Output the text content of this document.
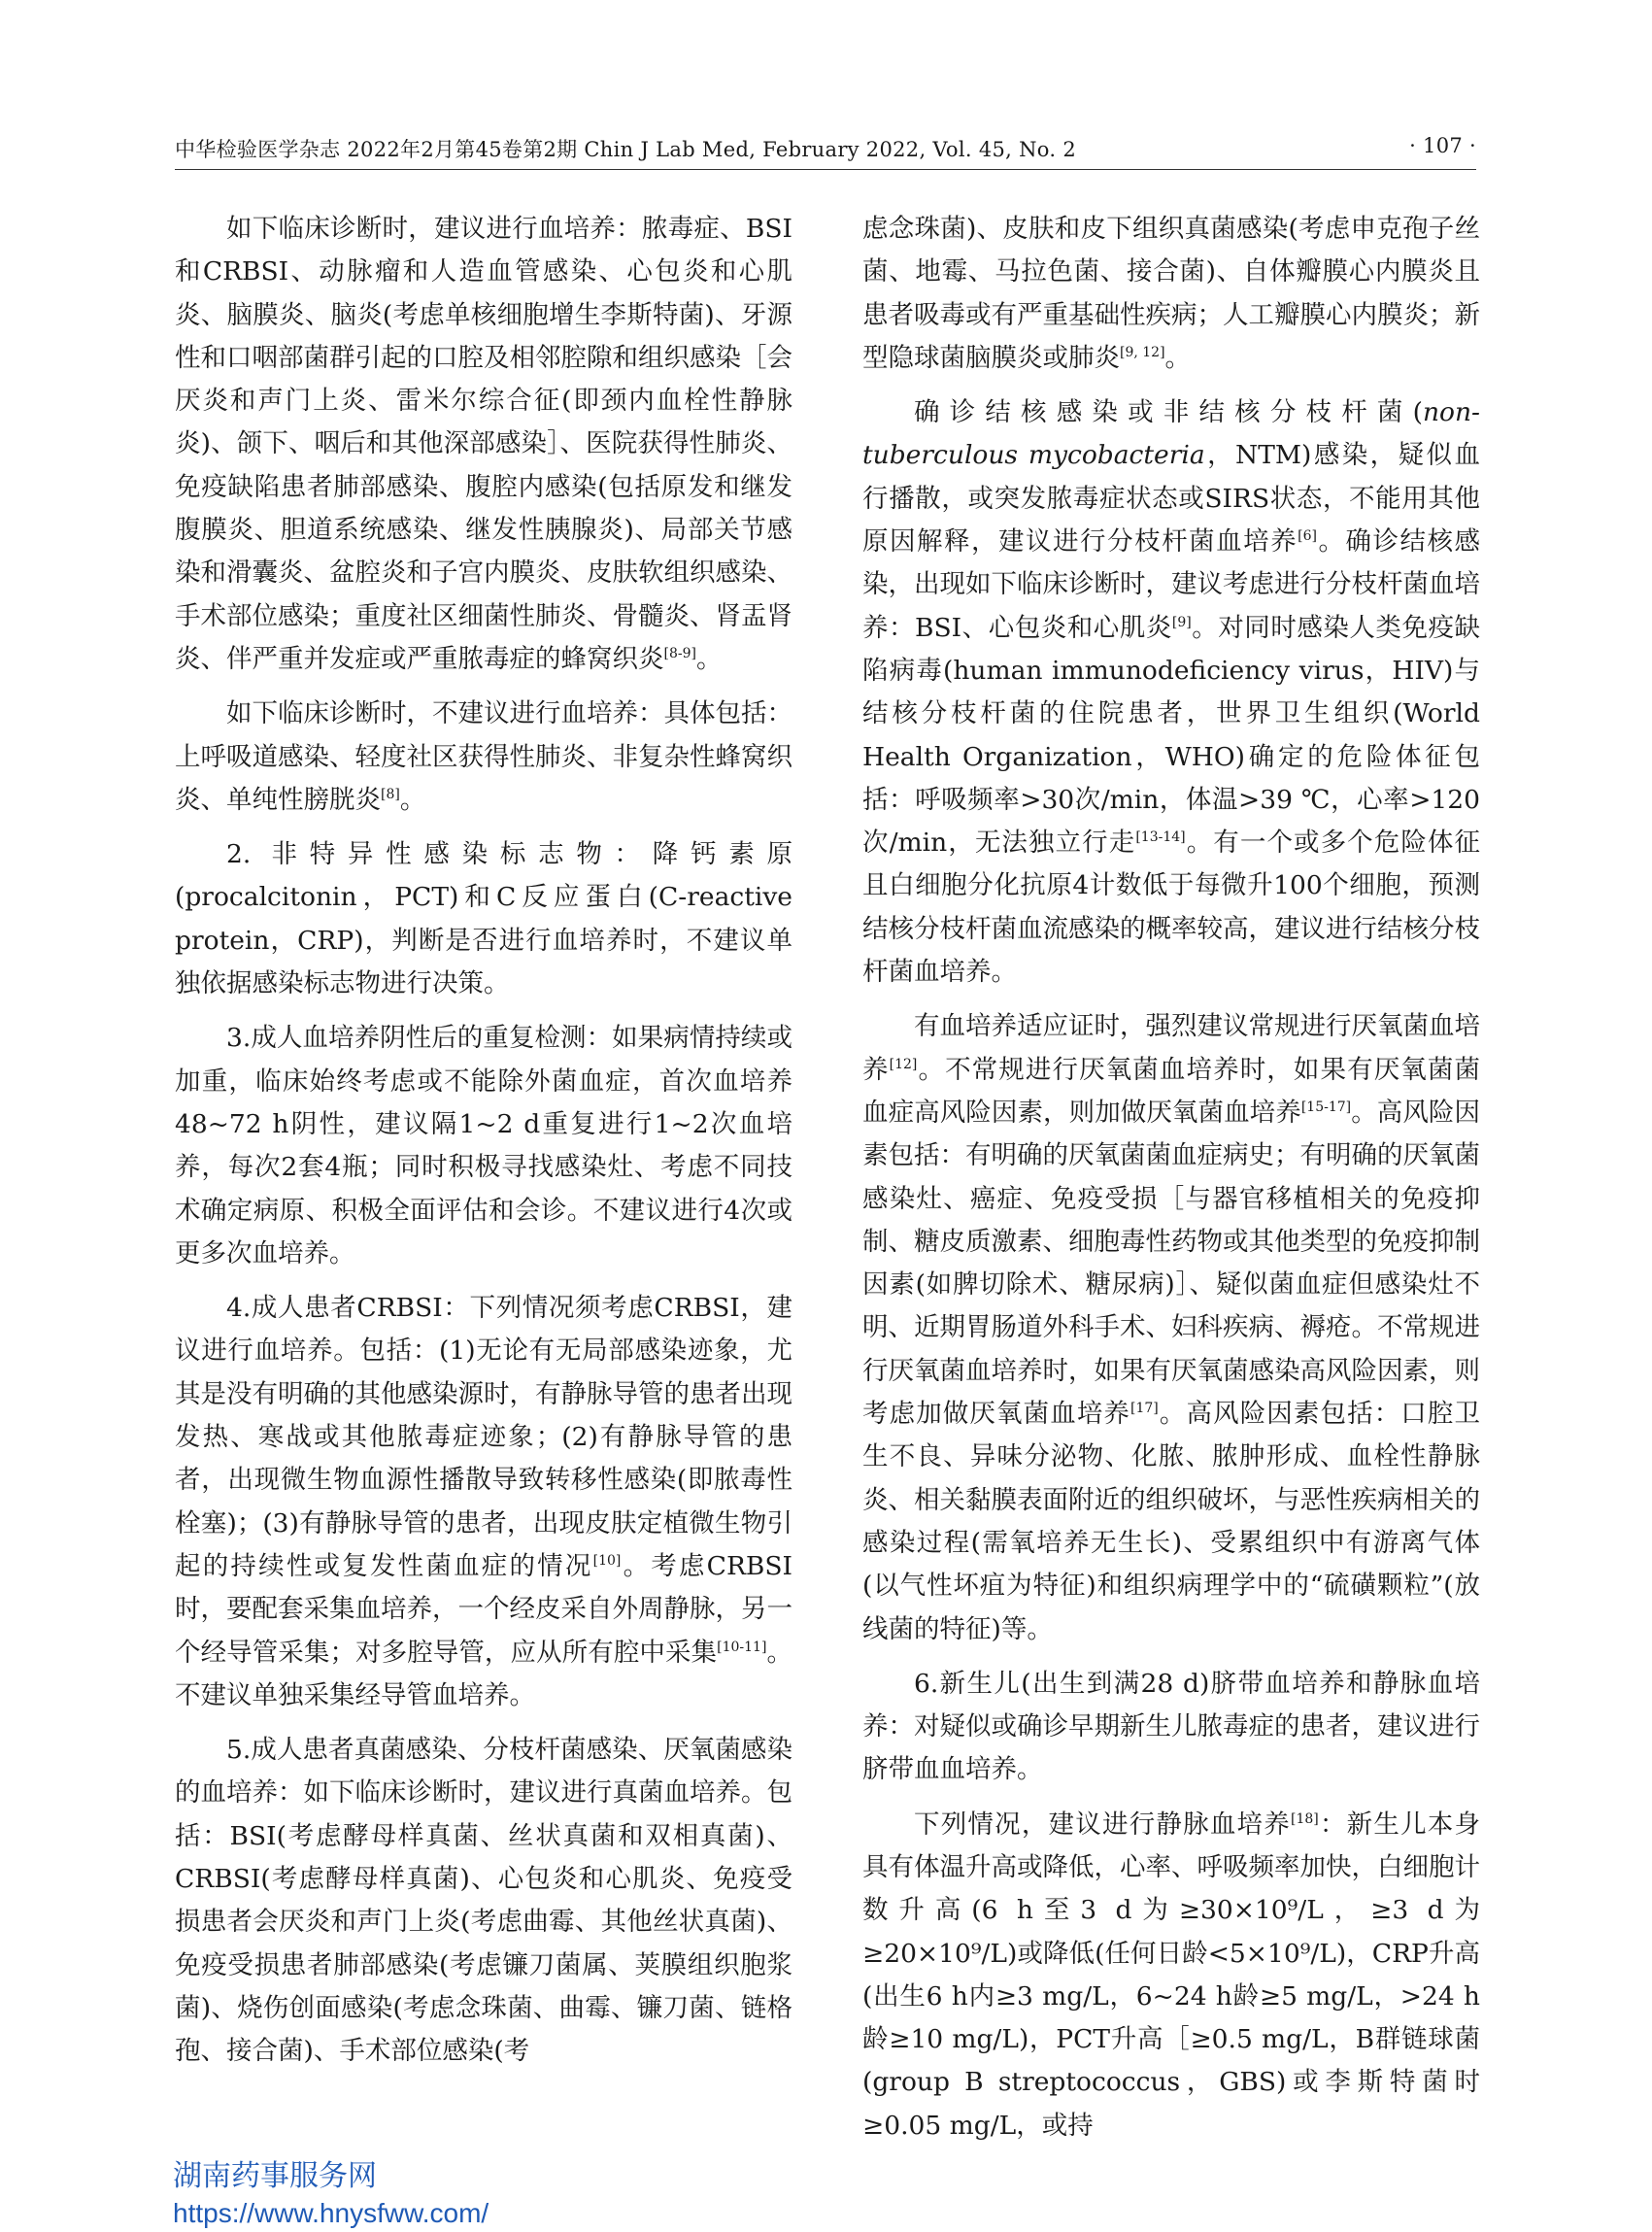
中华检验医学杂志 2022年2月第45卷第2期 Chin J Lab Med, February 2022, Vol. 45, No. 2	· 107 ·

如下临床诊断时，建议进行血培养：脓毒症、BSI和CRBSI、动脉瘤和人造血管感染、心包炎和心肌炎、脑膜炎、脑炎(考虑单核细胞增生李斯特菌)、牙源性和口咽部菌群引起的口腔及相邻腔隙和组织感染［会厌炎和声门上炎、雷米尔综合征(即颈内血栓性静脉炎)、颌下、咽后和其他深部感染］、医院获得性肺炎、免疫缺陷患者肺部感染、腹腔内感染(包括原发和继发腹膜炎、胆道系统感染、继发性胰腺炎)、局部关节感染和滑囊炎、盆腔炎和子宫内膜炎、皮肤软组织感染、手术部位感染；重度社区细菌性肺炎、骨髓炎、肾盂肾炎、伴严重并发症或严重脓毒症的蜂窝织炎[8-9]。

如下临床诊断时，不建议进行血培养：具体包括：上呼吸道感染、轻度社区获得性肺炎、非复杂性蜂窝织炎、单纯性膀胱炎[8]。

2. 非特异性感染标志物：降钙素原(procalcitonin，PCT)和C反应蛋白(C-reactive protein，CRP)，判断是否进行血培养时，不建议单独依据感染标志物进行决策。

3.成人血培养阴性后的重复检测：如果病情持续或加重，临床始终考虑或不能除外菌血症，首次血培养48~72 h阴性，建议隔1~2 d重复进行1~2次血培养，每次2套4瓶；同时积极寻找感染灶、考虑不同技术确定病原、积极全面评估和会诊。不建议进行4次或更多次血培养。

4.成人患者CRBSI：下列情况须考虑CRBSI，建议进行血培养。包括：(1)无论有无局部感染迹象，尤其是没有明确的其他感染源时，有静脉导管的患者出现发热、寒战或其他脓毒症迹象；(2)有静脉导管的患者，出现微生物血源性播散导致转移性感染(即脓毒性栓塞)；(3)有静脉导管的患者，出现皮肤定植微生物引起的持续性或复发性菌血症的情况[10]。考虑CRBSI时，要配套采集血培养，一个经皮采自外周静脉，另一个经导管采集；对多腔导管，应从所有腔中采集[10-11]。不建议单独采集经导管血培养。

5.成人患者真菌感染、分枝杆菌感染、厌氧菌感染的血培养：如下临床诊断时，建议进行真菌血培养。包括：BSI(考虑酵母样真菌、丝状真菌和双相真菌)、CRBSI(考虑酵母样真菌)、心包炎和心肌炎、免疫受损患者会厌炎和声门上炎(考虑曲霉、其他丝状真菌)、免疫受损患者肺部感染(考虑镰刀菌属、荚膜组织胞浆菌)、烧伤创面感染(考虑念珠菌、曲霉、镰刀菌、链格孢、接合菌)、手术部位感染(考

虑念珠菌)、皮肤和皮下组织真菌感染(考虑申克孢子丝菌、地霉、马拉色菌、接合菌)、自体瓣膜心内膜炎且患者吸毒或有严重基础性疾病；人工瓣膜心内膜炎；新型隐球菌脑膜炎或肺炎[9, 12]。

确诊结核感染或非结核分枝杆菌(non-tuberculous mycobacteria，NTM)感染，疑似血行播散，或突发脓毒症状态或SIRS状态，不能用其他原因解释，建议进行分枝杆菌血培养[6]。确诊结核感染，出现如下临床诊断时，建议考虑进行分枝杆菌血培养：BSI、心包炎和心肌炎[9]。对同时感染人类免疫缺陷病毒(human immunodeficiency virus，HIV)与结核分枝杆菌的住院患者，世界卫生组织(World Health Organization，WHO)确定的危险体征包括：呼吸频率>30次/min，体温>39 ℃，心率>120次/min，无法独立行走[13-14]。有一个或多个危险体征且白细胞分化抗原4计数低于每微升100个细胞，预测结核分枝杆菌血流感染的概率较高，建议进行结核分枝杆菌血培养。

有血培养适应证时，强烈建议常规进行厌氧菌血培养[12]。不常规进行厌氧菌血培养时，如果有厌氧菌菌血症高风险因素，则加做厌氧菌血培养[15-17]。高风险因素包括：有明确的厌氧菌菌血症病史；有明确的厌氧菌感染灶、癌症、免疫受损［与器官移植相关的免疫抑制、糖皮质激素、细胞毒性药物或其他类型的免疫抑制因素(如脾切除术、糖尿病)］、疑似菌血症但感染灶不明、近期胃肠道外科手术、妇科疾病、褥疮。不常规进行厌氧菌血培养时，如果有厌氧菌感染高风险因素，则考虑加做厌氧菌血培养[17]。高风险因素包括：口腔卫生不良、异味分泌物、化脓、脓肿形成、血栓性静脉炎、相关黏膜表面附近的组织破坏，与恶性疾病相关的感染过程(需氧培养无生长)、受累组织中有游离气体(以气性坏疽为特征)和组织病理学中的“硫磺颗粒”(放线菌的特征)等。

6.新生儿(出生到满28 d)脐带血培养和静脉血培养：对疑似或确诊早期新生儿脓毒症的患者，建议进行脐带血血培养。

下列情况，建议进行静脉血培养[18]：新生儿本身具有体温升高或降低，心率、呼吸频率加快，白细胞计数升高(6 h至3 d为≥30×10⁹/L，≥3 d为≥20×10⁹/L)或降低(任何日龄<5×10⁹/L)，CRP升高(出生6 h内≥3 mg/L，6~24 h龄≥5 mg/L，>24 h龄≥10 mg/L)，PCT升高［≥0.5 mg/L，B群链球菌(group B streptococcus，GBS)或李斯特菌时≥0.05 mg/L，或持

湖南药事服务网
https://www.hnysfww.com/
